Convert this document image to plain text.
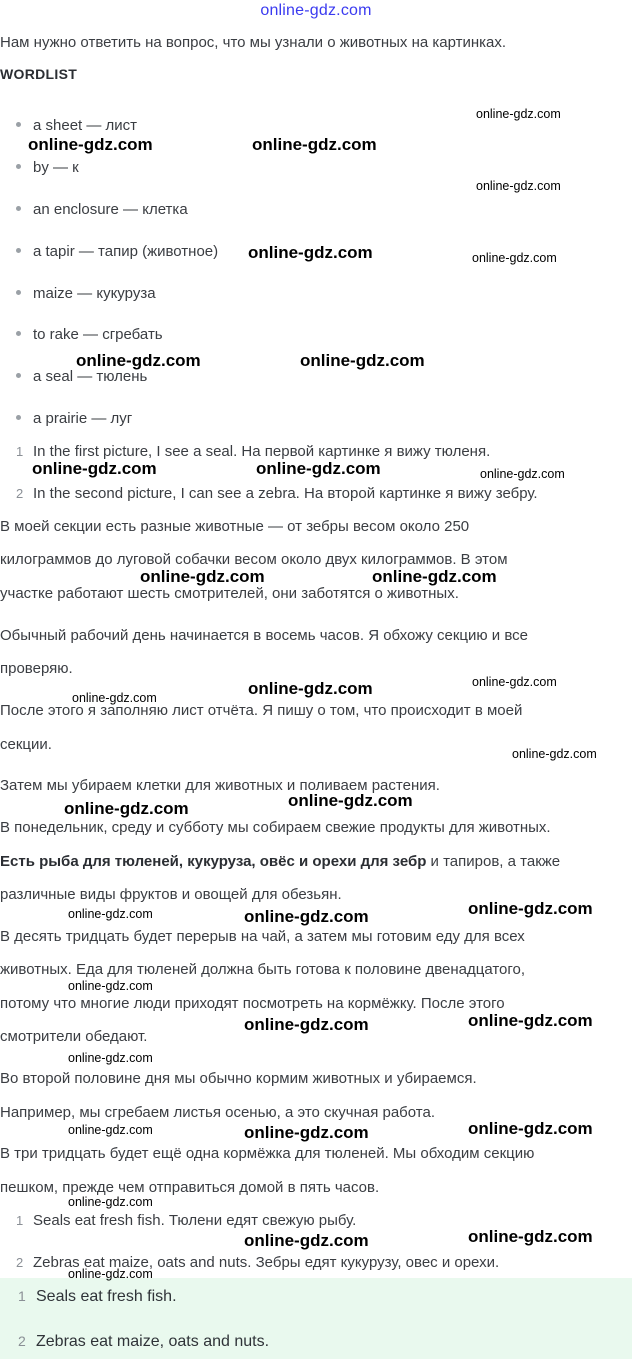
online-gdz.com
Нам нужно ответить на вопрос, что мы узнали о животных на картинках.
WORDLIST
a sheet — лист
by — к
an enclosure — клетка
a tapir — тапир (животное)
maize — кукуруза
to rake — сгребать
a seal — тюлень
a prairie — луг
1 In the first picture, I see a seal. На первой картинке я вижу тюленя.
2 In the second picture, I can see a zebra. На второй картинке я вижу зебру.
В моей секции есть разные животные — от зебры весом около 250
килограммов до луговой собачки весом около двух килограммов. В этом
участке работают шесть смотрителей, они заботятся о животных.
Обычный рабочий день начинается в восемь часов. Я обхожу секцию и все
проверяю.
После этого я заполняю лист отчёта. Я пишу о том, что происходит в моей
секции.
Затем мы убираем клетки для животных и поливаем растения.
В понедельник, среду и субботу мы собираем свежие продукты для животных.
Есть рыба для тюленей, кукуруза, овёс и орехи для зебр и тапиров, а также
различные виды фруктов и овощей для обезьян.
В десять тридцать будет перерыв на чай, а затем мы готовим еду для всех
животных. Еда для тюленей должна быть готова к половине двенадцатого,
потому что многие люди приходят посмотреть на кормёжку. После этого
смотрители обедают.
Во второй половине дня мы обычно кормим животных и убираемся.
Например, мы сгребаем листья осенью, а это скучная работа.
В три тридцать будет ещё одна кормёжка для тюленей. Мы обходим секцию
пешком, прежде чем отправиться домой в пять часов.
1 Seals eat fresh fish. Тюлени едят свежую рыбу.
2 Zebras eat maize, oats and nuts. Зебры едят кукурузу, овес и орехи.
1 Seals eat fresh fish.
2 Zebras eat maize, oats and nuts.
online-gdz.com	online-gdz.com
online-gdz.com
online-gdz.com	online-gdz.com
online-gdz.com	online-gdz.com
online-gdz.com	online-gdz.com
online-gdz.com
online-gdz.com
online-gdz.com
online-gdz.com
online-gdz.com
online-gdz.com
online-gdz.com
online-gdz.com
online-gdz.com
online-gdz.com
online-gdz.com
online-gdz.com
online-gdz.com
online-gdz.com
online-gdz.com
online-gdz.com
online-gdz.com
online-gdz.com
online-gdz.com
online-gdz.com
online-gdz.com
online-gdz.com
online-gdz.com
online-gdz.com
